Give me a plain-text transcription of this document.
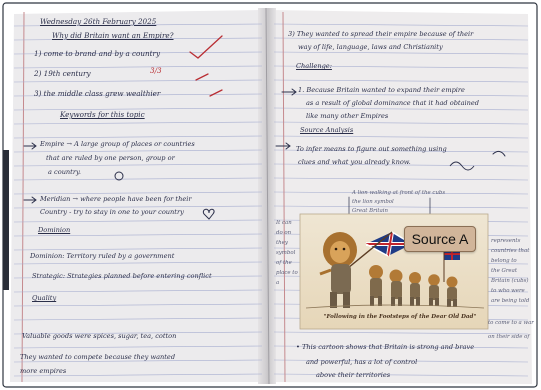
Source A
"Following in the Footsteps of the Dear Old Dad"
Wednesday 26th February 2025
Why did Britain want an Empire?
1) come to brand and by a country
2) 19th century	3/3
3) the middle class grew wealthier
Keywords for this topic
Empire → A large group of places or countries
that are ruled by one person, group or
a country.
Meridian → where people have been for their
Country - try to stay in one to your country
Dominion
Dominion: Territory ruled by a government
Strategic: Strategies planned before entering conflict
Quality
Valuable goods were spices, sugar, tea, cotton
They wanted to compete because they wanted
more empires
3) They wanted to spread their empire because of their
way of life, language, laws and Christianity
Challenge:
1. Because Britain wanted to expand their empire
as a result of global dominance that it had obtained
like many other Empires
Source Analysis
To infer means to figure out something using
clues and what you already know.
A lion walking at front of the cubs
the lion symbol
Great Britain
It can
do on
they
symbol
of the
place to
a
represents
countries that
belong to
the Great
Britain (cubs)
to who were
are being told
to come to a war
on their side of
• This cartoon shows that Britain is strong and brave
and powerful, has a lot of control
above their territories
